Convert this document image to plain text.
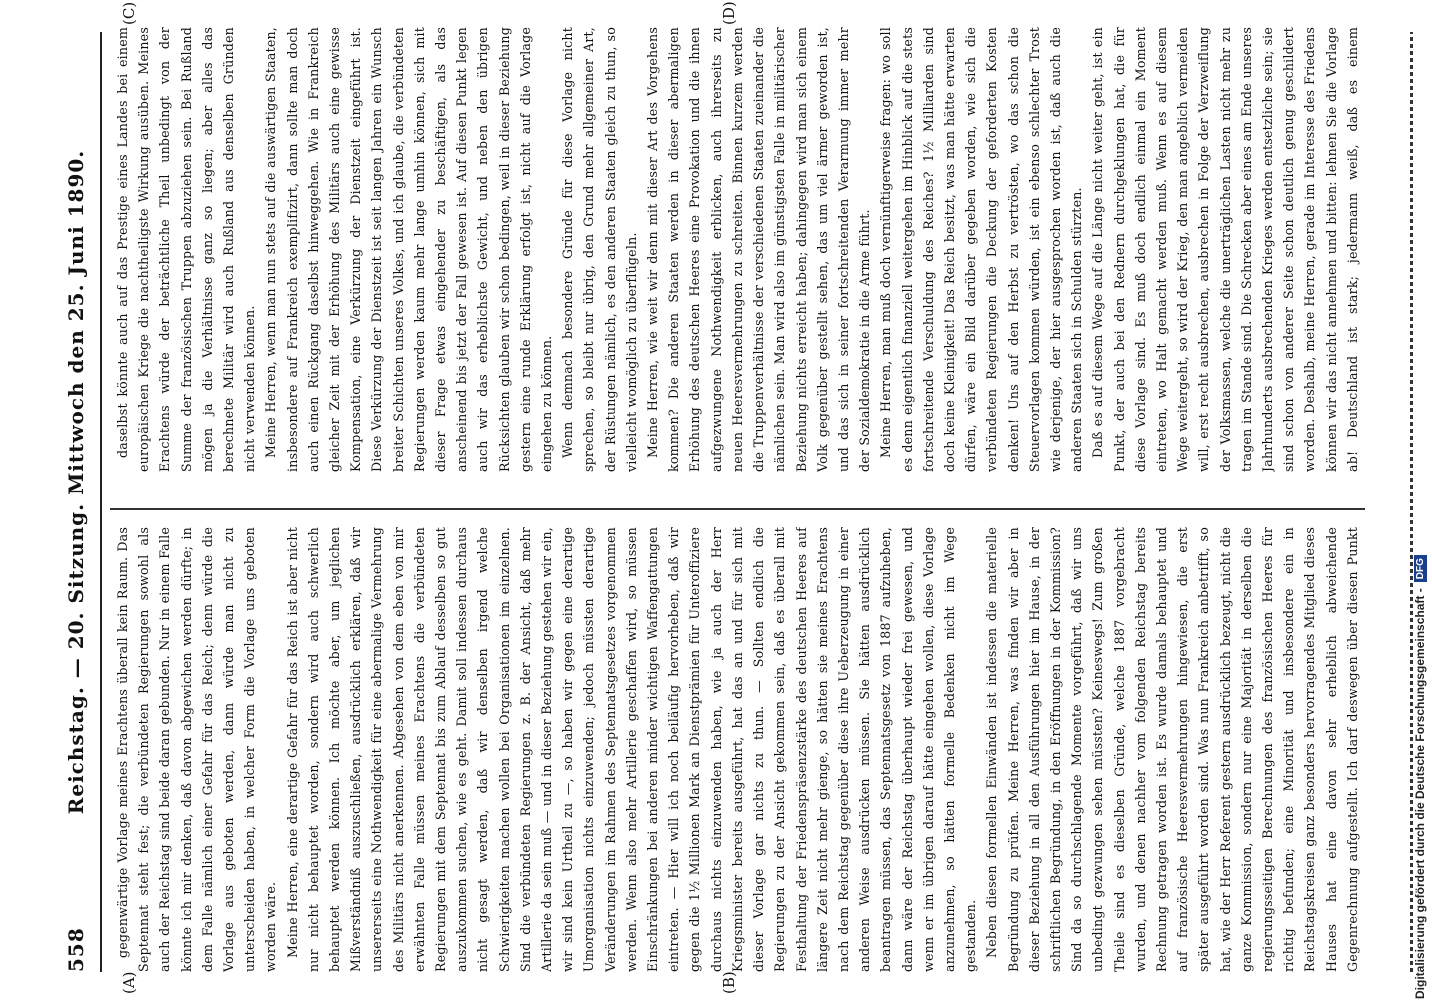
558
Reichstag. — 20. Sitzung. Mittwoch den 25. Juni 1890.
(A)	(B)
(C)	(D)

gegenwärtige Vorlage meines Erachtens überall kein Raum. Das Septennat steht fest; die verbündeten Regierungen sowohl als auch der Reichstag sind beide daran gebunden. Nur in einem Falle könnte ich mir denken, daß davon abgewichen werden dürfte; in dem Falle nämlich einer Gefahr für das Reich; denn würde die Vorlage aus geboten werden, dann würde man nicht zu unterscheiden haben, in welcher Form die Vorlage uns geboten worden wäre. Meine Herren, eine derartige Gefahr für das Reich ist aber nicht nur nicht behauptet worden, sondern wird auch schwerlich behauptet werden können. Ich möchte aber, um jeglichen Mißverständniß auszuschließen, ausdrücklich erklären, daß wir unsererseits eine Nothwendigkeit für eine abermalige Vermehrung des Militärs nicht anerkennen. Abgesehen von dem eben von mir erwähnten Falle müssen meines Erachtens die verbündeten Regierungen mit dem Septennat bis zum Ablauf desselben so gut auszukommen suchen, wie es geht. Damit soll indessen durchaus nicht gesagt werden, daß wir denselben irgend welche Schwierigkeiten machen wollen bei Organisationen im einzelnen. Sind die verbündeten Regierungen z. B. der Ansicht, daß mehr Artillerie da sein muß — und in dieser Beziehung gestehen wir ein, wir sind kein Urtheil zu —, so haben wir gegen eine derartige Umorganisation nichts einzuwenden; jedoch müssten derartige Veränderungen im Rahmen des Septennatsgesetzes vorgenommen werden. Wenn also mehr Artillerie geschaffen wird, so müssen Einschränkungen bei anderen minder wichtigen Waffengattungen eintreten. — Hier will ich noch beiläufig hervorheben, daß wir gegen die 1½ Millionen Mark an Dienstprämien für Unteroffiziere durchaus nichts einzuwenden haben, wie ja auch der Herr Kriegsminister bereits ausgeführt, hat das an und für sich mit dieser Vorlage gar nichts zu thun. — Sollten endlich die Regierungen zu der Ansicht gekommen sein, daß es überall mit Festhaltung der Friedenspräsenzstärke des deutschen Heeres auf längere Zeit nicht mehr gienge, so hätten sie meines Erachtens nach dem Reichstag gegenüber diese ihre Ueberzeugung in einer anderen Weise ausdrücken müssen. Sie hätten ausdrücklich beantragen müssen, das Septennatsgesetz von 1887 aufzuheben, dann wäre der Reichstag überhaupt wieder frei gewesen, und wenn er im übrigen darauf hätte eingehen wollen, diese Vorlage anzunehmen, so hätten formelle Bedenken nicht im Wege gestanden. Neben diesen formellen Einwänden ist indessen die materielle Begründung zu prüfen. Meine Herren, was finden wir aber in dieser Beziehung in all den Ausführungen hier im Hause, in der schriftlichen Begründung, in den Eröffnungen in der Kommission? Sind da so durchschlagende Momente vorgeführt, daß wir uns unbedingt gezwungen sehen müssten? Keineswegs! Zum großen Theile sind es dieselben Gründe, welche 1887 vorgebracht wurden, und denen nachher vom folgenden Reichstag bereits Rechnung getragen worden ist. Es wurde damals behauptet und auf französische Heeresvermehrungen hingewiesen, die erst später ausgeführt worden sind. Was nun Frankreich anbetrifft, so hat, wie der Herr Referent gestern ausdrücklich bezeugt, nicht die ganze Kommission, sondern nur eine Majorität in derselben die regierungsseitigen Berechnungen des französischen Heeres für richtig befunden; eine Minorität und insbesondere ein in Reichstagskreisen ganz besonders hervorragendes Mitglied dieses Hauses hat eine davon sehr erheblich abweichende Gegenrechnung aufgestellt. Ich darf deswegen über diesen Punkt

daselbst könnte auch auf das Prestige eines Landes bei einem europäischen Kriege die nachtheiligste Wirkung ausüben. Meines Erachtens würde der beträchtliche Theil unbedingt von der Summe der französischen Truppen abzuziehen sein. Bei Rußland mögen ja die Verhältnisse ganz so liegen; aber alles das berechnete Militär wird auch Rußland aus denselben Gründen nicht verwenden können. Meine Herren, wenn man nun stets auf die auswärtigen Staaten, insbesondere auf Frankreich exemplifizirt, dann sollte man doch auch einen Rückgang daselbst hinweggehen. Wie in Frankreich gleicher Zeit mit der Erhöhung des Militärs auch eine gewisse Kompensation, eine Verkürzung der Dienstzeit eingeführt ist. Diese Verkürzung der Dienstzeit ist seit langen Jahren ein Wunsch breiter Schichten unseres Volkes, und ich glaube, die verbündeten Regierungen werden kaum mehr lange umhin können, sich mit dieser Frage etwas eingehender zu beschäftigen, als das anscheinend bis jetzt der Fall gewesen ist. Auf diesen Punkt legen auch wir das erheblichste Gewicht, und neben den übrigen Rücksichten glauben wir schon bedingen, weil in dieser Beziehung gestern eine runde Erklärung erfolgt ist, nicht auf die Vorlage eingehen zu können. Wenn demnach besondere Gründe für diese Vorlage nicht sprechen, so bleibt nur übrig, den Grund mehr allgemeiner Art, der Rüstungen nämlich, es den anderen Staaten gleich zu thun, so vielleicht womöglich zu überflügeln. Meine Herren, wie weit wir denn mit dieser Art des Vorgehens kommen? Die anderen Staaten werden in dieser abermaligen Erhöhung des deutschen Heeres eine Provokation und die ihnen aufgezwungene Nothwendigkeit erblicken, auch ihrerseits zu neuen Heeresvermehrungen zu schreiten. Binnen kurzem werden die Truppenverhältnisse der verschiedenen Staaten zueinander die nämlichen sein. Man wird also im günstigsten Falle in militärischer Beziehung nichts erreicht haben; dahingegen wird man sich einem Volk gegenüber gestellt sehen, das um viel ärmer geworden ist, und das sich in seiner fortschreitenden Verarmung immer mehr der Sozialdemokratie in die Arme führt. Meine Herren, man muß doch vernünftigerweise fragen: wo soll es denn eigentlich finanziell weitergehen im Hinblick auf die stets fortschreitende Verschuldung des Reiches? 1½ Milliarden sind doch keine Kleinigkeit! Das Reich besitzt, was man hätte erwarten dürfen, wäre ein Bild darüber gegeben worden, wie sich die verbündeten Regierungen die Deckung der geforderten Kosten denken! Uns auf den Herbst zu vertrösten, wo das schon die Steuervorlagen kommen würden, ist ein ebenso schlechter Trost wie derjenige, der hier ausgesprochen worden ist, daß auch die anderen Staaten sich in Schulden stürzten. Daß es auf diesem Wege auf die Länge nicht weiter geht, ist ein Punkt, der auch bei den Rednern durchgeklungen hat, die für diese Vorlage sind. Es muß doch endlich einmal ein Moment eintreten, wo Halt gemacht werden muß. Wenn es auf diesem Wege weitergeht, so wird der Krieg, den man angeblich vermeiden will, erst recht ausbrechen, ausbrechen in Folge der Verzweiflung der Volksmassen, welche die unerträglichen Lasten nicht mehr zu tragen im Stande sind. Die Schrecken aber eines am Ende unseres Jahrhunderts ausbrechenden Krieges werden entsetzliche sein; sie sind schon von anderer Seite schon deutlich genug geschildert worden. Deshalb, meine Herren, gerade im Interesse des Friedens können wir das nicht annehmen und bitten: lehnen Sie die Vorlage ab! Deutschland ist stark; jedermann weiß, daß es einem

Digitalisierung gefördert durch die Deutsche Forschungsgemeinschaft -
DFG
